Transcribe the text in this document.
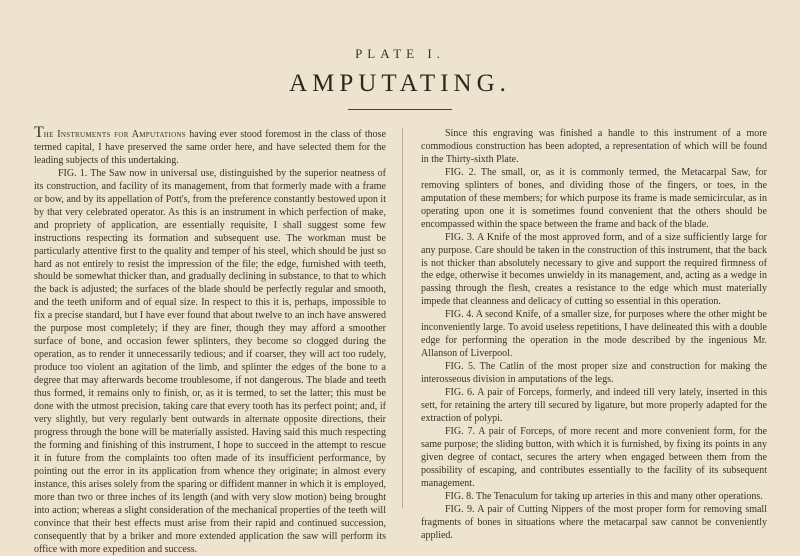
PLATE I.
AMPUTATING.

The Instruments for Amputations having ever stood foremost in the class of those termed capital, I have preserved the same order here, and have selected them for the leading subjects of this undertaking.

FIG. 1. The Saw now in universal use, distinguished by the superior neatness of its construction, and facility of its management, from that formerly made with a frame or bow, and by its appellation of Pott's, from the preference constantly bestowed upon it by that very celebrated operator. As this is an instrument in which perfection of make, and propriety of application, are essentially requisite, I shall suggest some few instructions respecting its formation and subsequent use. The workman must be particularly attentive first to the quality and temper of his steel, which should be just so hard as not entirely to resist the impression of the file; the edge, furnished with teeth, should be somewhat thicker than, and gradually declining in substance, to that to which the back is adjusted; the surfaces of the blade should be perfectly regular and smooth, and the teeth uniform and of equal size. In respect to this it is, perhaps, impossible to fix a precise standard, but I have ever found that about twelve to an inch have answered the purpose most completely; if they are finer, though they may afford a smoother surface of bone, and occasion fewer splinters, they become so clogged during the operation, as to render it unnecessarily tedious; and if coarser, they will act too rudely, produce too violent an agitation of the limb, and splinter the edges of the bone to a degree that may afterwards become troublesome, if not dangerous. The blade and teeth thus formed, it remains only to finish, or, as it is termed, to set the latter; this must be done with the utmost precision, taking care that every tooth has its perfect point; and, if very slightly, but very regularly bent outwards in alternate opposite directions, their progress through the bone will be materially assisted. Having said this much respecting the forming and finishing of this instrument, I hope to succeed in the attempt to rescue it in future from the complaints too often made of its insufficient performance, by pointing out the error in its application from whence they originate; in almost every instance, this arises solely from the sparing or diffident manner in which it is employed, more than two or three inches of its length (and with very slow motion) being brought into action; whereas a slight consideration of the mechanical properties of the teeth will convince that their best effects must arise from their rapid and continued succession, consequently that by a briker and more extended application the saw will perform its office with more expedition and success.

Since this engraving was finished a handle to this instrument of a more commodious construction has been adopted, a representation of which will be found in the Thirty-sixth Plate.

FIG. 2. The small, or, as it is commonly termed, the Metacarpal Saw, for removing splinters of bones, and dividing those of the fingers, or toes, in the amputation of these members; for which purpose its frame is made semicircular, as in operating upon one it is sometimes found convenient that the others should be encompassed within the space between the frame and back of the blade.

FIG. 3. A Knife of the most approved form, and of a size sufficiently large for any purpose. Care should be taken in the construction of this instrument, that the back is not thicker than absolutely necessary to give and support the required firmness of the edge, otherwise it becomes unwieldy in its management, and, acting as a wedge in passing through the flesh, creates a resistance to the edge which must materially impede that cleanness and delicacy of cutting so essential in this operation.

FIG. 4. A second Knife, of a smaller size, for purposes where the other might be inconveniently large. To avoid useless repetitions, I have delineated this with a double edge for performing the operation in the mode described by the ingenious Mr. Allanson of Liverpool.

FIG. 5. The Catlin of the most proper size and construction for making the interosseous division in amputations of the legs.

FIG. 6. A pair of Forceps, formerly, and indeed till very lately, inserted in this sett, for retaining the artery till secured by ligature, but more properly adapted for the extraction of polypi.

FIG. 7. A pair of Forceps, of more recent and more convenient form, for the same purpose; the sliding button, with which it is furnished, by fixing its points in any given degree of contact, secures the artery when engaged between them from the possibility of escaping, and contributes essentially to the facility of its subsequent management.

FIG. 8. The Tenaculum for taking up arteries in this and many other operations.

FIG. 9. A pair of Cutting Nippers of the most proper form for removing small fragments of bones in situations where the metacarpal saw cannot be conveniently applied.
